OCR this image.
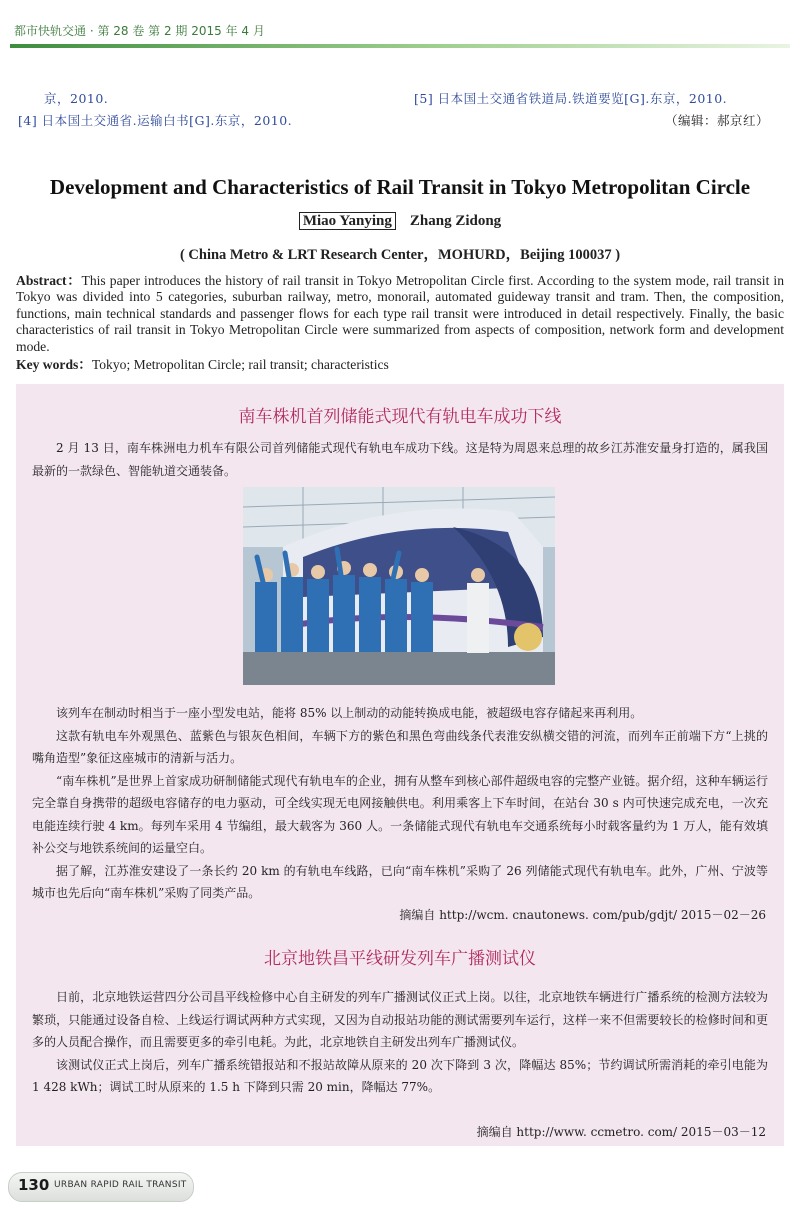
都市快轨交通 · 第 28 卷 第 2 期 2015 年 4 月
京，2010.
[4] 日本国土交通省.运输白书[G].东京，2010.
[5] 日本国土交通省铁道局.铁道要览[G].东京，2010.
（编辑：郝京红）
Development and Characteristics of Rail Transit in Tokyo Metropolitan Circle
Miao Yanying Zhang Zidong
( China Metro & LRT Research Center，MOHURD，Beijing 100037 )

Abstract：This paper introduces the history of rail transit in Tokyo Metropolitan Circle first. According to the system mode, rail transit in Tokyo was divided into 5 categories, suburban railway, metro, monorail, automated guideway transit and tram. Then, the composition, functions, main technical standards and passenger flows for each type rail transit were introduced in detail respectively. Finally, the basic characteristics of rail transit in Tokyo Metropolitan Circle were summarized from aspects of composition, network form and development mode.

Key words：Tokyo; Metropolitan Circle; rail transit; characteristics
南车株机首列储能式现代有轨电车成功下线

2 月 13 日，南车株洲电力机车有限公司首列储能式现代有轨电车成功下线。这是特为周恩来总理的故乡江苏淮安量身打造的，属我国最新的一款绿色、智能轨道交通装备。

该列车在制动时相当于一座小型发电站，能将 85% 以上制动的动能转换成电能，被超级电容存储起来再利用。

这款有轨电车外观黑色、蓝紫色与银灰色相间，车辆下方的紫色和黑色弯曲线条代表淮安纵横交错的河流，而列车正前端下方“上挑的嘴角造型”象征这座城市的清新与活力。

“南车株机”是世界上首家成功研制储能式现代有轨电车的企业，拥有从整车到核心部件超级电容的完整产业链。据介绍，这种车辆运行完全靠自身携带的超级电容储存的电力驱动，可全线实现无电网接触供电。利用乘客上下车时间，在站台 30 s 内可快速完成充电，一次充电能连续行驶 4 km。每列车采用 4 节编组，最大载客为 360 人。一条储能式现代有轨电车交通系统每小时载客量约为 1 万人，能有效填补公交与地铁系统间的运量空白。

据了解，江苏淮安建设了一条长约 20 km 的有轨电车线路，已向“南车株机”采购了 26 列储能式现代有轨电车。此外，广州、宁波等城市也先后向“南车株机”采购了同类产品。

摘编自 http://wcm. cnautonews. com/pub/gdjt/ 2015－02－26
北京地铁昌平线研发列车广播测试仪

日前，北京地铁运营四分公司昌平线检修中心自主研发的列车广播测试仪正式上岗。以往，北京地铁车辆进行广播系统的检测方法较为繁琐，只能通过设备自检、上线运行调试两种方式实现，又因为自动报站功能的测试需要列车运行，这样一来不但需要较长的检修时间和更多的人员配合操作，而且需要更多的牵引电耗。为此，北京地铁自主研发出列车广播测试仪。

该测试仪正式上岗后，列车广播系统错报站和不报站故障从原来的 20 次下降到 3 次，降幅达 85%；节约调试所需消耗的牵引电能为 1 428 kWh；调试工时从原来的 1.5 h 下降到只需 20 min，降幅达 77%。

摘编自 http://www. ccmetro. com/ 2015－03－12
130 URBAN RAPID RAIL TRANSIT
